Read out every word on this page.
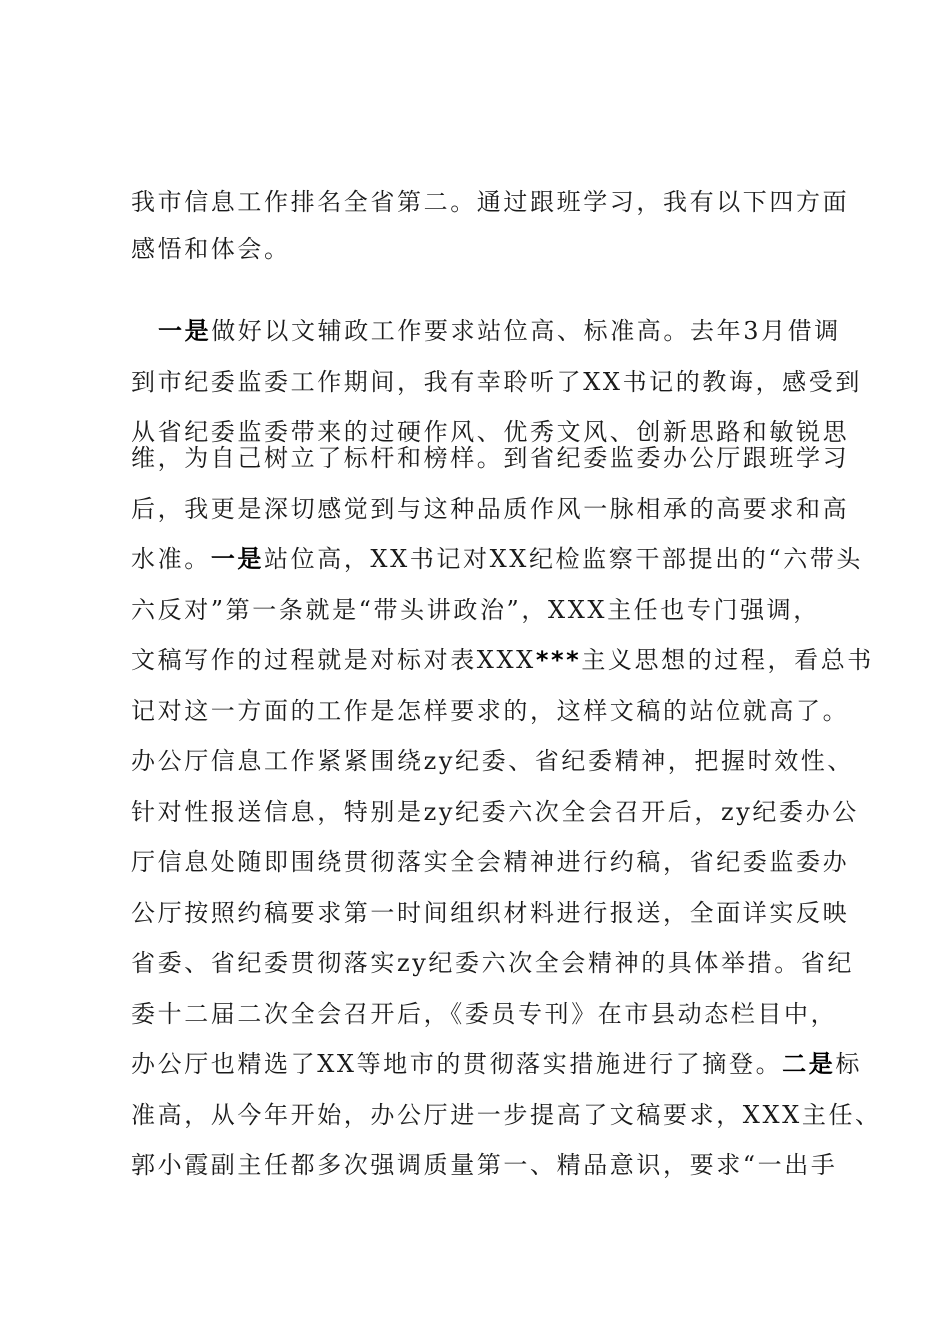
我市信息工作排名全省第二。通过跟班学习，我有以下四方面
感悟和体会。
一是做好以文辅政工作要求站位高、标准高。去年3月借调
到市纪委监委工作期间，我有幸聆听了XX书记的教诲，感受到
从省纪委监委带来的过硬作风、优秀文风、创新思路和敏锐思
维，为自己树立了标杆和榜样。到省纪委监委办公厅跟班学习
后，我更是深切感觉到与这种品质作风一脉相承的高要求和高
水准。一是站位高，XX书记对XX纪检监察干部提出的“六带头
六反对”第一条就是“带头讲政治”，XXX主任也专门强调，
文稿写作的过程就是对标对表XXX***主义思想的过程，看总书
记对这一方面的工作是怎样要求的，这样文稿的站位就高了。
办公厅信息工作紧紧围绕zy纪委、省纪委精神，把握时效性、
针对性报送信息，特别是zy纪委六次全会召开后，zy纪委办公
厅信息处随即围绕贯彻落实全会精神进行约稿，省纪委监委办
公厅按照约稿要求第一时间组织材料进行报送，全面详实反映
省委、省纪委贯彻落实zy纪委六次全会精神的具体举措。省纪
委十二届二次全会召开后，《委员专刊》在市县动态栏目中，
办公厅也精选了XX等地市的贯彻落实措施进行了摘登。二是标
准高，从今年开始，办公厅进一步提高了文稿要求，XXX主任、
郭小霞副主任都多次强调质量第一、精品意识，要求“一出手
